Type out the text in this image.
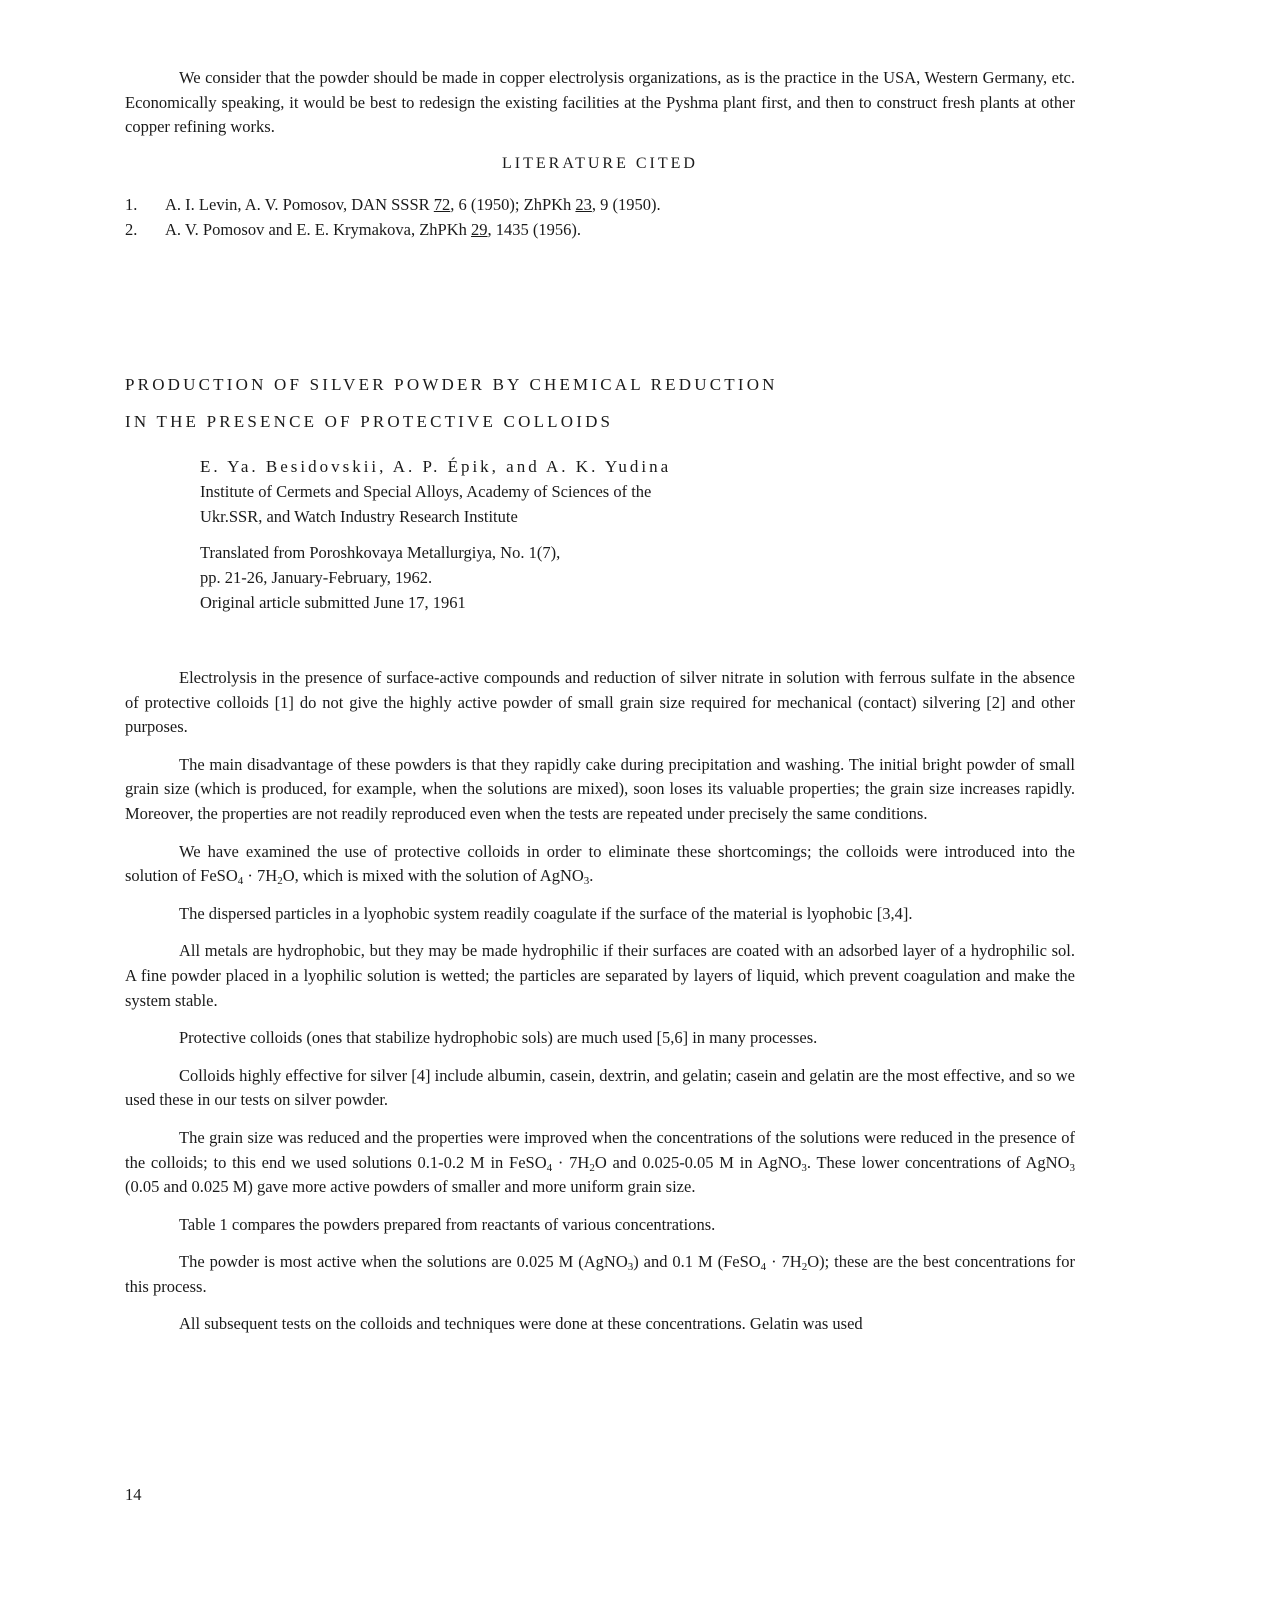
We consider that the powder should be made in copper electrolysis organizations, as is the practice in the USA, Western Germany, etc. Economically speaking, it would be best to redesign the existing facilities at the Pyshma plant first, and then to construct fresh plants at other copper refining works.

LITERATURE CITED
1.	A. I. Levin, A. V. Pomosov, DAN SSSR 72, 6 (1950); ZhPKh 23, 9 (1950).
2.	A. V. Pomosov and E. E. Krymakova, ZhPKh 29, 1435 (1956).
PRODUCTION OF SILVER POWDER BY CHEMICAL REDUCTION
IN THE PRESENCE OF PROTECTIVE COLLOIDS
E. Ya. Besidovskii, A. P. Épik, and A. K. Yudina
Institute of Cermets and Special Alloys, Academy of Sciences of the
Ukr.SSR, and Watch Industry Research Institute
Translated from Poroshkovaya Metallurgiya, No. 1(7),
pp. 21-26, January-February, 1962.
Original article submitted June 17, 1961

Electrolysis in the presence of surface-active compounds and reduction of silver nitrate in solution with ferrous sulfate in the absence of protective colloids [1] do not give the highly active powder of small grain size required for mechanical (contact) silvering [2] and other purposes.

The main disadvantage of these powders is that they rapidly cake during precipitation and washing. The initial bright powder of small grain size (which is produced, for example, when the solutions are mixed), soon loses its valuable properties; the grain size increases rapidly. Moreover, the properties are not readily reproduced even when the tests are repeated under precisely the same conditions.

We have examined the use of protective colloids in order to eliminate these shortcomings; the colloids were introduced into the solution of FeSO$_4$ · $7H_2O$, which is mixed with the solution of AgNO$_3$.

The dispersed particles in a lyophobic system readily coagulate if the surface of the material is lyophobic [3,4].

All metals are hydrophobic, but they may be made hydrophilic if their surfaces are coated with an adsorbed layer of a hydrophilic sol. A fine powder placed in a lyophilic solution is wetted; the particles are separated by layers of liquid, which prevent coagulation and make the system stable.

Protective colloids (ones that stabilize hydrophobic sols) are much used [5,6] in many processes.

Colloids highly effective for silver [4] include albumin, casein, dextrin, and gelatin; casein and gelatin are the most effective, and so we used these in our tests on silver powder.

The grain size was reduced and the properties were improved when the concentrations of the solutions were reduced in the presence of the colloids; to this end we used solutions 0.1-0.2 M in FeSO$_4$ · $7H_2O$ and 0.025-0.05 M in AgNO$_3$. These lower concentrations of AgNO$_3$ (0.05 and 0.025 M) gave more active powders of smaller and more uniform grain size.

Table 1 compares the powders prepared from reactants of various concentrations.

The powder is most active when the solutions are 0.025 M (AgNO$_3$) and 0.1 M (FeSO$_4$ · $7H_2O$); these are the best concentrations for this process.

All subsequent tests on the colloids and techniques were done at these concentrations. Gelatin was used

14
